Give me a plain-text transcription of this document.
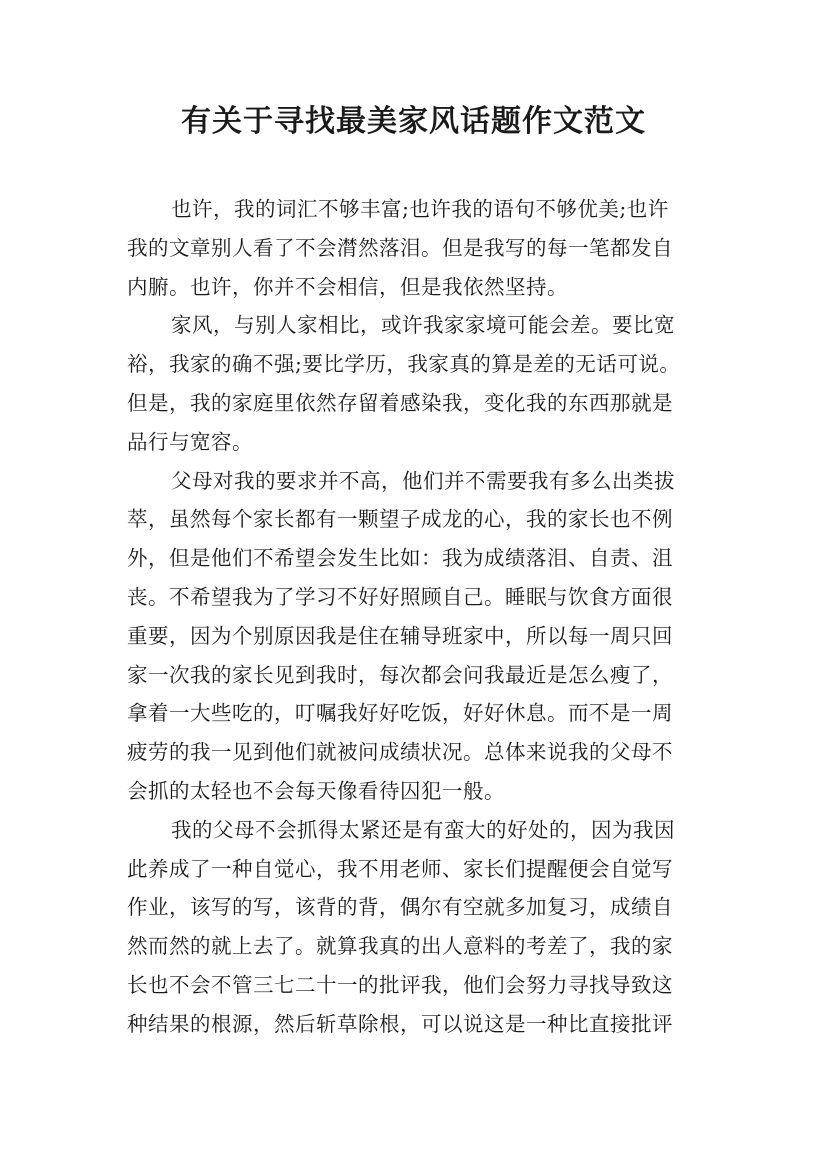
有关于寻找最美家风话题作文范文
也许，我的词汇不够丰富;也许我的语句不够优美;也许
我的文章别人看了不会潸然落泪。但是我写的每一笔都发自
内腑。也许，你并不会相信，但是我依然坚持。
家风，与别人家相比，或许我家家境可能会差。要比宽
裕，我家的确不强;要比学历，我家真的算是差的无话可说。
但是，我的家庭里依然存留着感染我，变化我的东西那就是
品行与宽容。
父母对我的要求并不高，他们并不需要我有多么出类拔
萃，虽然每个家长都有一颗望子成龙的心，我的家长也不例
外，但是他们不希望会发生比如：我为成绩落泪、自责、沮
丧。不希望我为了学习不好好照顾自己。睡眠与饮食方面很
重要，因为个别原因我是住在辅导班家中，所以每一周只回
家一次我的家长见到我时，每次都会问我最近是怎么瘦了，
拿着一大些吃的，叮嘱我好好吃饭，好好休息。而不是一周
疲劳的我一见到他们就被问成绩状况。总体来说我的父母不
会抓的太轻也不会每天像看待囚犯一般。
我的父母不会抓得太紧还是有蛮大的好处的，因为我因
此养成了一种自觉心，我不用老师、家长们提醒便会自觉写
作业，该写的写，该背的背，偶尔有空就多加复习，成绩自
然而然的就上去了。就算我真的出人意料的考差了，我的家
长也不会不管三七二十一的批评我，他们会努力寻找导致这
种结果的根源，然后斩草除根，可以说这是一种比直接批评
